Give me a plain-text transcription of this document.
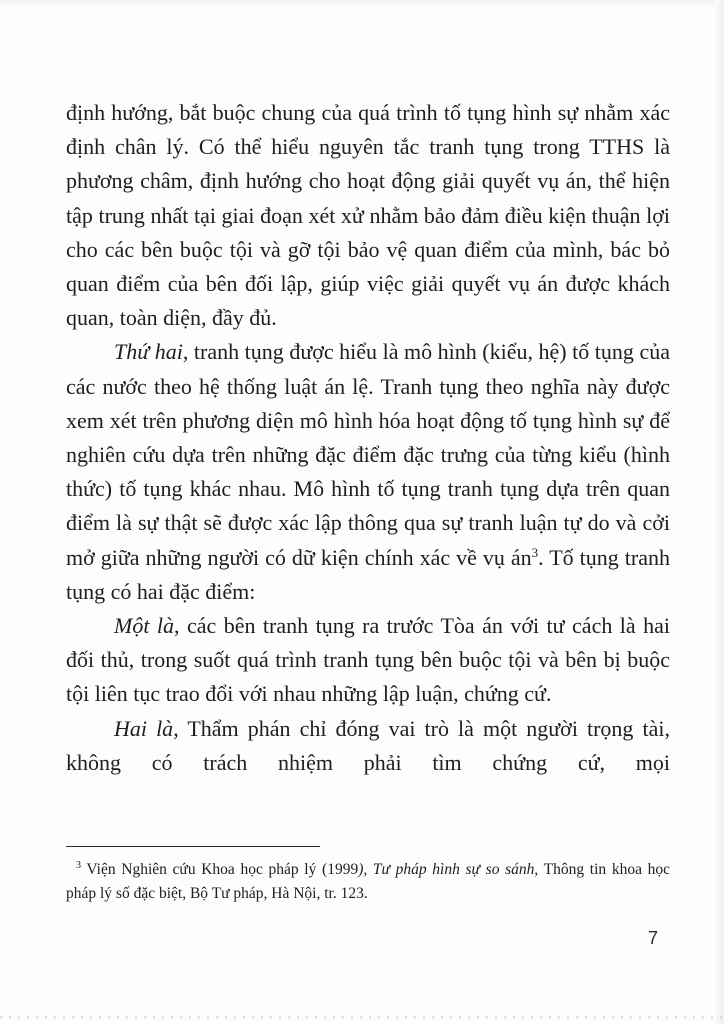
định hướng, bắt buộc chung của quá trình tố tụng hình sự nhằm xác định chân lý. Có thể hiểu nguyên tắc tranh tụng trong TTHS là phương châm, định hướng cho hoạt động giải quyết vụ án, thể hiện tập trung nhất tại giai đoạn xét xử nhằm bảo đảm điều kiện thuận lợi cho các bên buộc tội và gỡ tội bảo vệ quan điểm của mình, bác bỏ quan điểm của bên đối lập, giúp việc giải quyết vụ án được khách quan, toàn diện, đầy đủ.

Thứ hai, tranh tụng được hiểu là mô hình (kiểu, hệ) tố tụng của các nước theo hệ thống luật án lệ. Tranh tụng theo nghĩa này được xem xét trên phương diện mô hình hóa hoạt động tố tụng hình sự để nghiên cứu dựa trên những đặc điểm đặc trưng của từng kiểu (hình thức) tố tụng khác nhau. Mô hình tố tụng tranh tụng dựa trên quan điểm là sự thật sẽ được xác lập thông qua sự tranh luận tự do và cởi mở giữa những người có dữ kiện chính xác về vụ $án^3$. Tố tụng tranh tụng có hai đặc điểm:

Một là, các bên tranh tụng ra trước Tòa án với tư cách là hai đối thủ, trong suốt quá trình tranh tụng bên buộc tội và bên bị buộc tội liên tục trao đổi với nhau những lập luận, chứng cứ.

Hai là, Thẩm phán chỉ đóng vai trò là một người trọng tài, không có trách nhiệm phải tìm chứng cứ, mọi

$^3$ Viện Nghiên cứu Khoa học pháp lý (1999), Tư pháp hình sự so sánh, Thông tin khoa học pháp lý số đặc biệt, Bộ Tư pháp, Hà Nội, tr. 123.
7
